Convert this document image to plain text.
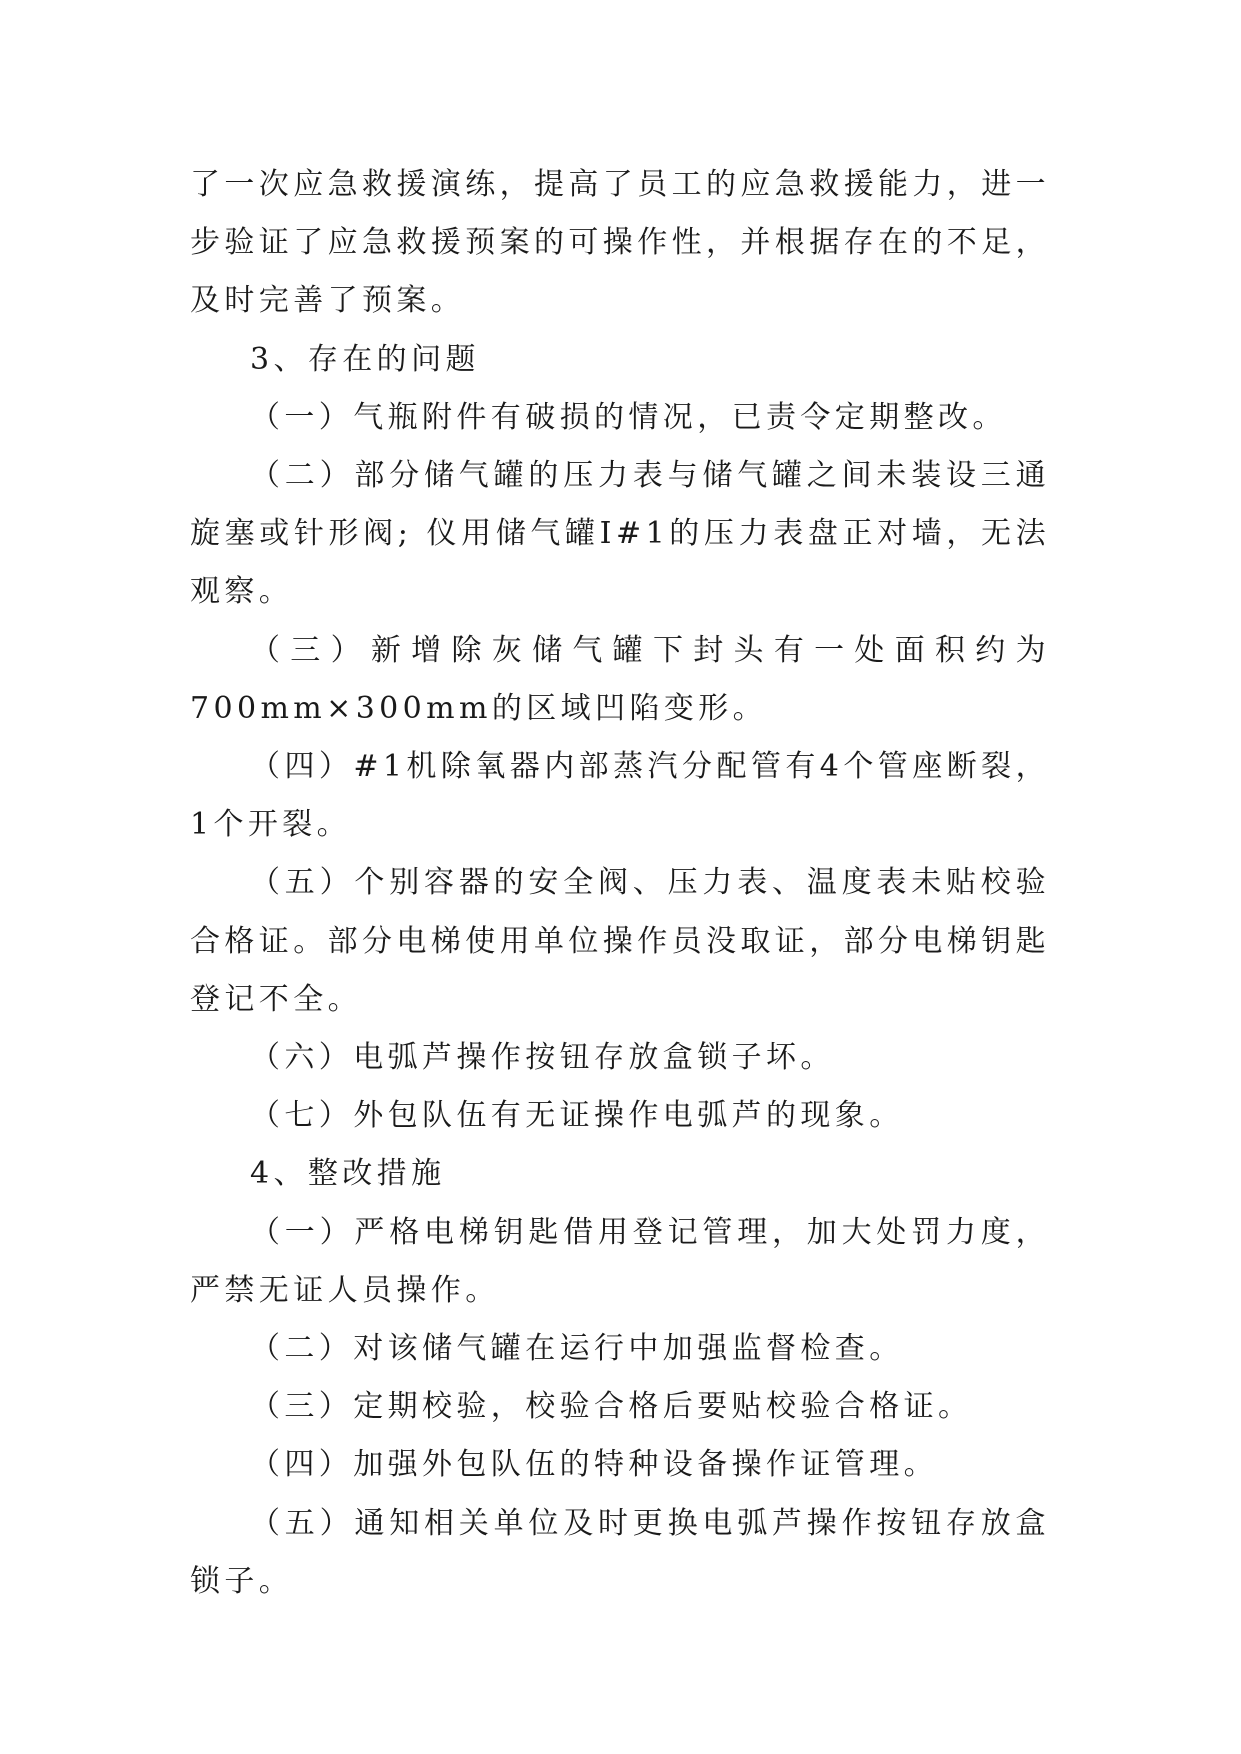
了一次应急救援演练，提高了员工的应急救援能力，进一步验证了应急救援预案的可操作性，并根据存在的不足，及时完善了预案。

3、存在的问题

（一）气瓶附件有破损的情况，已责令定期整改。

（二）部分储气罐的压力表与储气罐之间未装设三通旋塞或针形阀; 仪用储气罐Ⅰ#1的压力表盘正对墙，无法观察。

（三）新增除灰储气罐下封头有一处面积约为700mm×300mm的区域凹陷变形。

（四）#1机除氧器内部蒸汽分配管有4个管座断裂，1个开裂。

（五）个别容器的安全阀、压力表、温度表未贴校验合格证。部分电梯使用单位操作员没取证，部分电梯钥匙登记不全。

（六）电弧芦操作按钮存放盒锁子坏。

（七）外包队伍有无证操作电弧芦的现象。

4、整改措施

（一）严格电梯钥匙借用登记管理，加大处罚力度，严禁无证人员操作。

（二）对该储气罐在运行中加强监督检查。

（三）定期校验，校验合格后要贴校验合格证。

（四）加强外包队伍的特种设备操作证管理。

（五）通知相关单位及时更换电弧芦操作按钮存放盒锁子。
